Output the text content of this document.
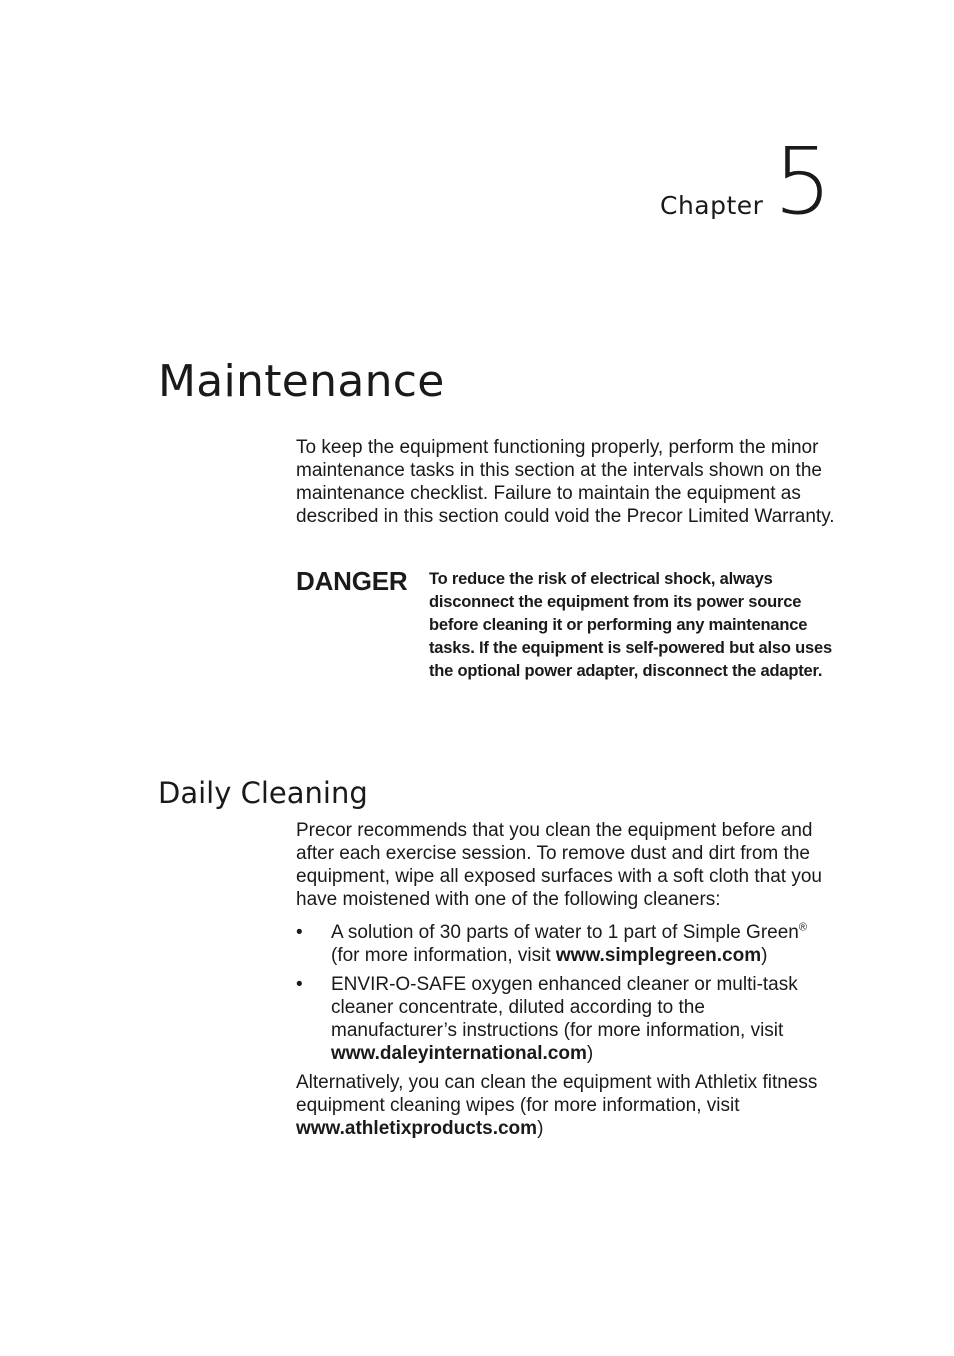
Chapter 5
Maintenance

To keep the equipment functioning properly, perform the minor maintenance tasks in this section at the intervals shown on the maintenance checklist. Failure to maintain the equipment as described in this section could void the Precor Limited Warranty.

DANGER	To reduce the risk of electrical shock, always disconnect the equipment from its power source before cleaning it or performing any maintenance tasks. If the equipment is self-powered but also uses the optional power adapter, disconnect the adapter.

Daily Cleaning

Precor recommends that you clean the equipment before and after each exercise session. To remove dust and dirt from the equipment, wipe all exposed surfaces with a soft cloth that you have moistened with one of the following cleaners:

• A solution of 30 parts of water to 1 part of Simple Green® (for more information, visit www.simplegreen.com)
• ENVIR-O-SAFE oxygen enhanced cleaner or multi-task cleaner concentrate, diluted according to the manufacturer’s instructions (for more information, visit www.daleyinternational.com)

Alternatively, you can clean the equipment with Athletix fitness equipment cleaning wipes (for more information, visit www.athletixproducts.com)
